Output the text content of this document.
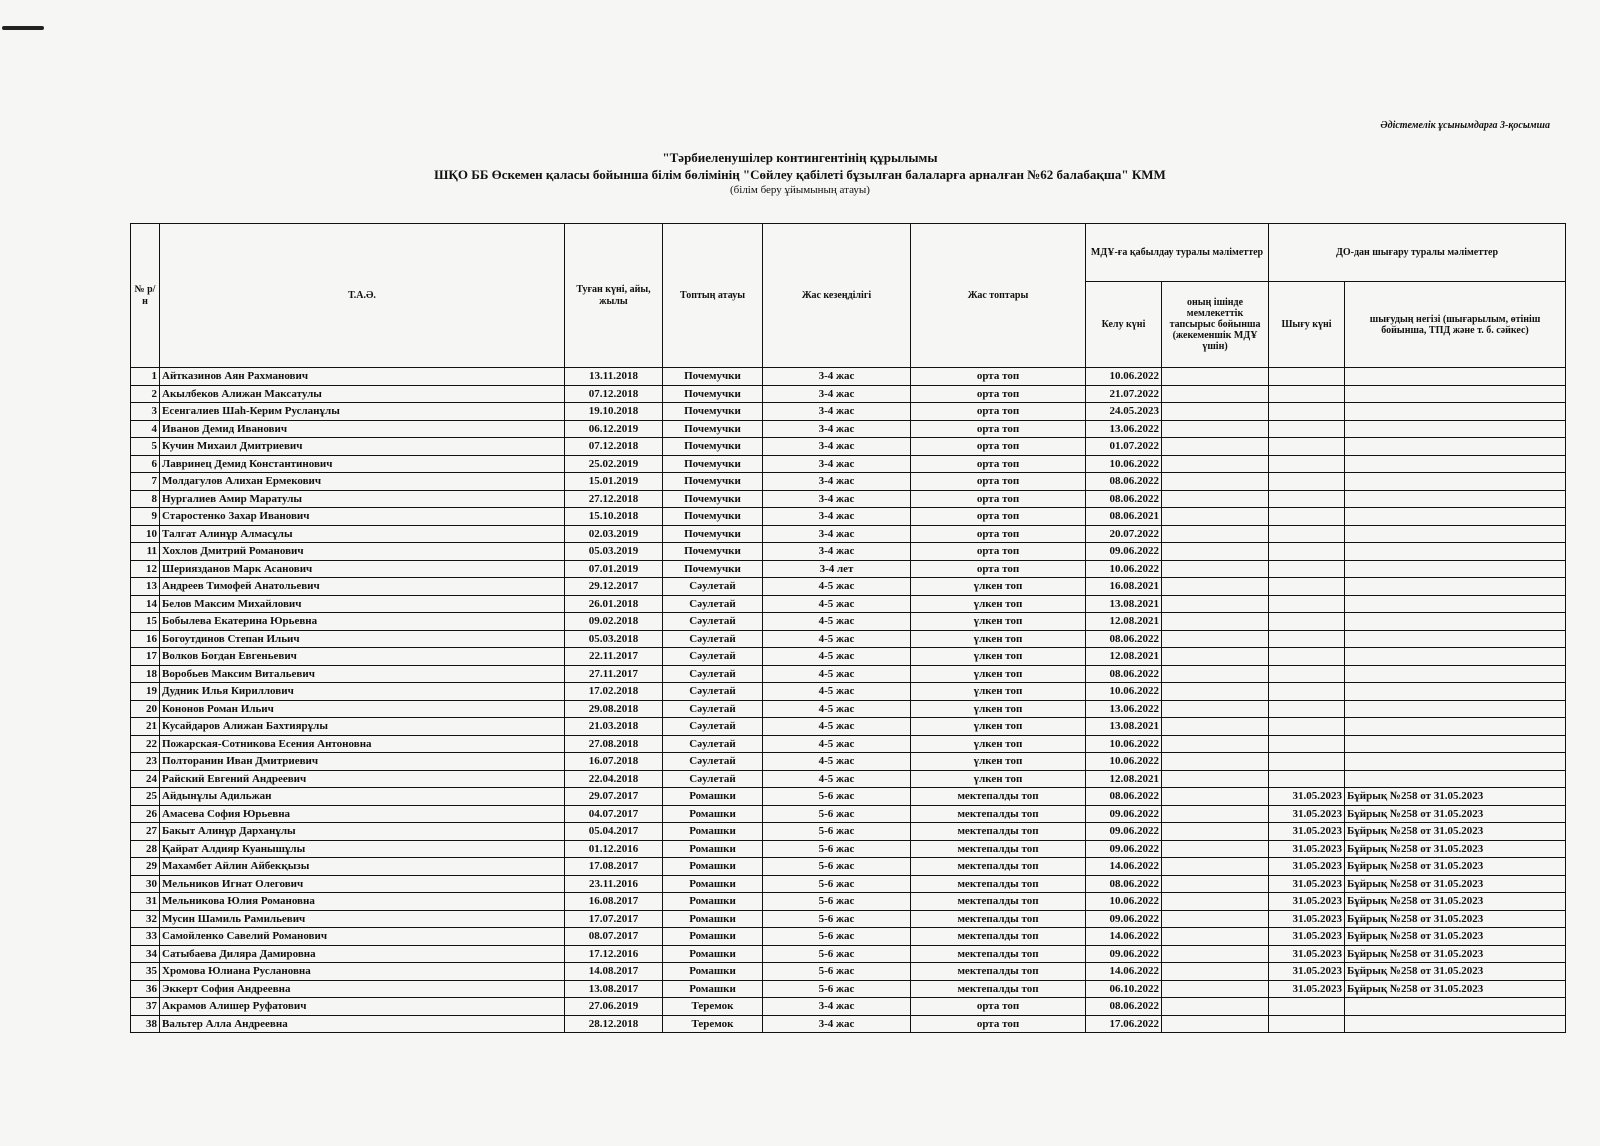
Әдістемелік ұсынымдарға 3-қосымша
"Тәрбиеленушілер контингентінің құрылымы
ШҚО ББ Өскемен қаласы бойынша білім бөлімінің "Сөйлеу қабілеті бұзылған балаларға арналған №62 балабақша" КММ
(білім беру ұйымының атауы)
№ р/н	Т.А.Ә.	Туған күні, айы, жылы	Топтың атауы	Жас кезеңділігі	Жас топтары	МДҰ-ға қабылдау туралы мәліметтер		ДО-дан шығару туралы мәліметтер	
						Келу күні	оның ішінде мемлекеттік тапсырыс бойынша (жекеменшік МДҰ үшін)	Шығу күні	шығудың негізі (шығарылым, өтініш бойынша, ТПД және т. б. сәйкес)
1	Айтказинов Аян Рахманович	13.11.2018	Почемучки	3-4 жас	орта топ	10.06.2022			
2	Акылбеков Алижан Максатулы	07.12.2018	Почемучки	3-4 жас	орта топ	21.07.2022			
3	Есенгалиев Шаh-Керим Русланұлы	19.10.2018	Почемучки	3-4 жас	орта топ	24.05.2023			
4	Иванов Демид Иванович	06.12.2019	Почемучки	3-4 жас	орта топ	13.06.2022			
5	Кучин Михаил Дмитриевич	07.12.2018	Почемучки	3-4 жас	орта топ	01.07.2022			
6	Лавринец Демид Константинович	25.02.2019	Почемучки	3-4 жас	орта топ	10.06.2022			
7	Молдагулов Алихан Ермекович	15.01.2019	Почемучки	3-4 жас	орта топ	08.06.2022			
8	Нургалиев Амир Маратулы	27.12.2018	Почемучки	3-4 жас	орта топ	08.06.2022			
9	Старостенко Захар Иванович	15.10.2018	Почемучки	3-4 жас	орта топ	08.06.2021			
10	Талгат Алинұр Алмасұлы	02.03.2019	Почемучки	3-4 жас	орта топ	20.07.2022			
11	Хохлов Дмитрий Романович	05.03.2019	Почемучки	3-4 жас	орта топ	09.06.2022			
12	Шериязданов Марк Асанович	07.01.2019	Почемучки	3-4 лет	орта топ	10.06.2022			
13	Андреев Тимофей Анатольевич	29.12.2017	Сәулетай	4-5 жас	үлкен топ	16.08.2021			
14	Белов Максим Михайлович	26.01.2018	Сәулетай	4-5 жас	үлкен топ	13.08.2021			
15	Бобылева Екатерина Юрьевна	09.02.2018	Сәулетай	4-5 жас	үлкен топ	12.08.2021			
16	Богоутдинов Степан Ильич	05.03.2018	Сәулетай	4-5 жас	үлкен топ	08.06.2022			
17	Волков Богдан Евгеньевич	22.11.2017	Сәулетай	4-5 жас	үлкен топ	12.08.2021			
18	Воробьев Максим Витальевич	27.11.2017	Сәулетай	4-5 жас	үлкен топ	08.06.2022			
19	Дудник Илья Кириллович	17.02.2018	Сәулетай	4-5 жас	үлкен топ	10.06.2022			
20	Кононов Роман Ильич	29.08.2018	Сәулетай	4-5 жас	үлкен топ	13.06.2022			
21	Кусайдаров Алижан Бахтиярұлы	21.03.2018	Сәулетай	4-5 жас	үлкен топ	13.08.2021			
22	Пожарская-Сотникова Есения Антоновна	27.08.2018	Сәулетай	4-5 жас	үлкен топ	10.06.2022			
23	Полторанин Иван Дмитриевич	16.07.2018	Сәулетай	4-5 жас	үлкен топ	10.06.2022			
24	Райский Евгений Андреевич	22.04.2018	Сәулетай	4-5 жас	үлкен топ	12.08.2021			
25	Айдынұлы Адильжан	29.07.2017	Ромашки	5-6 жас	мектепалды топ	08.06.2022		31.05.2023	Бұйрық №258 от 31.05.2023
26	Амасева София Юрьевна	04.07.2017	Ромашки	5-6 жас	мектепалды топ	09.06.2022		31.05.2023	Бұйрық №258 от 31.05.2023
27	Бакыт Алинұр Дарханұлы	05.04.2017	Ромашки	5-6 жас	мектепалды топ	09.06.2022		31.05.2023	Бұйрық №258 от 31.05.2023
28	Қайрат Алдияр Куанышұлы	01.12.2016	Ромашки	5-6 жас	мектепалды топ	09.06.2022		31.05.2023	Бұйрық №258 от 31.05.2023
29	Махамбет Айлин Айбекқызы	17.08.2017	Ромашки	5-6 жас	мектепалды топ	14.06.2022		31.05.2023	Бұйрық №258 от 31.05.2023
30	Мельников Игнат Олегович	23.11.2016	Ромашки	5-6 жас	мектепалды топ	08.06.2022		31.05.2023	Бұйрық №258 от 31.05.2023
31	Мельникова Юлия Романовна	16.08.2017	Ромашки	5-6 жас	мектепалды топ	10.06.2022		31.05.2023	Бұйрық №258 от 31.05.2023
32	Мусин Шамиль Рамильевич	17.07.2017	Ромашки	5-6 жас	мектепалды топ	09.06.2022		31.05.2023	Бұйрық №258 от 31.05.2023
33	Самойленко Савелий Романович	08.07.2017	Ромашки	5-6 жас	мектепалды топ	14.06.2022		31.05.2023	Бұйрық №258 от 31.05.2023
34	Сатыбаева Диляра Дамировна	17.12.2016	Ромашки	5-6 жас	мектепалды топ	09.06.2022		31.05.2023	Бұйрық №258 от 31.05.2023
35	Хромова Юлиана Руслановна	14.08.2017	Ромашки	5-6 жас	мектепалды топ	14.06.2022		31.05.2023	Бұйрық №258 от 31.05.2023
36	Эккерт София Андреевна	13.08.2017	Ромашки	5-6 жас	мектепалды топ	06.10.2022		31.05.2023	Бұйрық №258 от 31.05.2023
37	Акрамов Алишер Руфатович	27.06.2019	Теремок	3-4 жас	орта топ	08.06.2022			
38	Вальтер Алла Андреевна	28.12.2018	Теремок	3-4 жас	орта топ	17.06.2022			
